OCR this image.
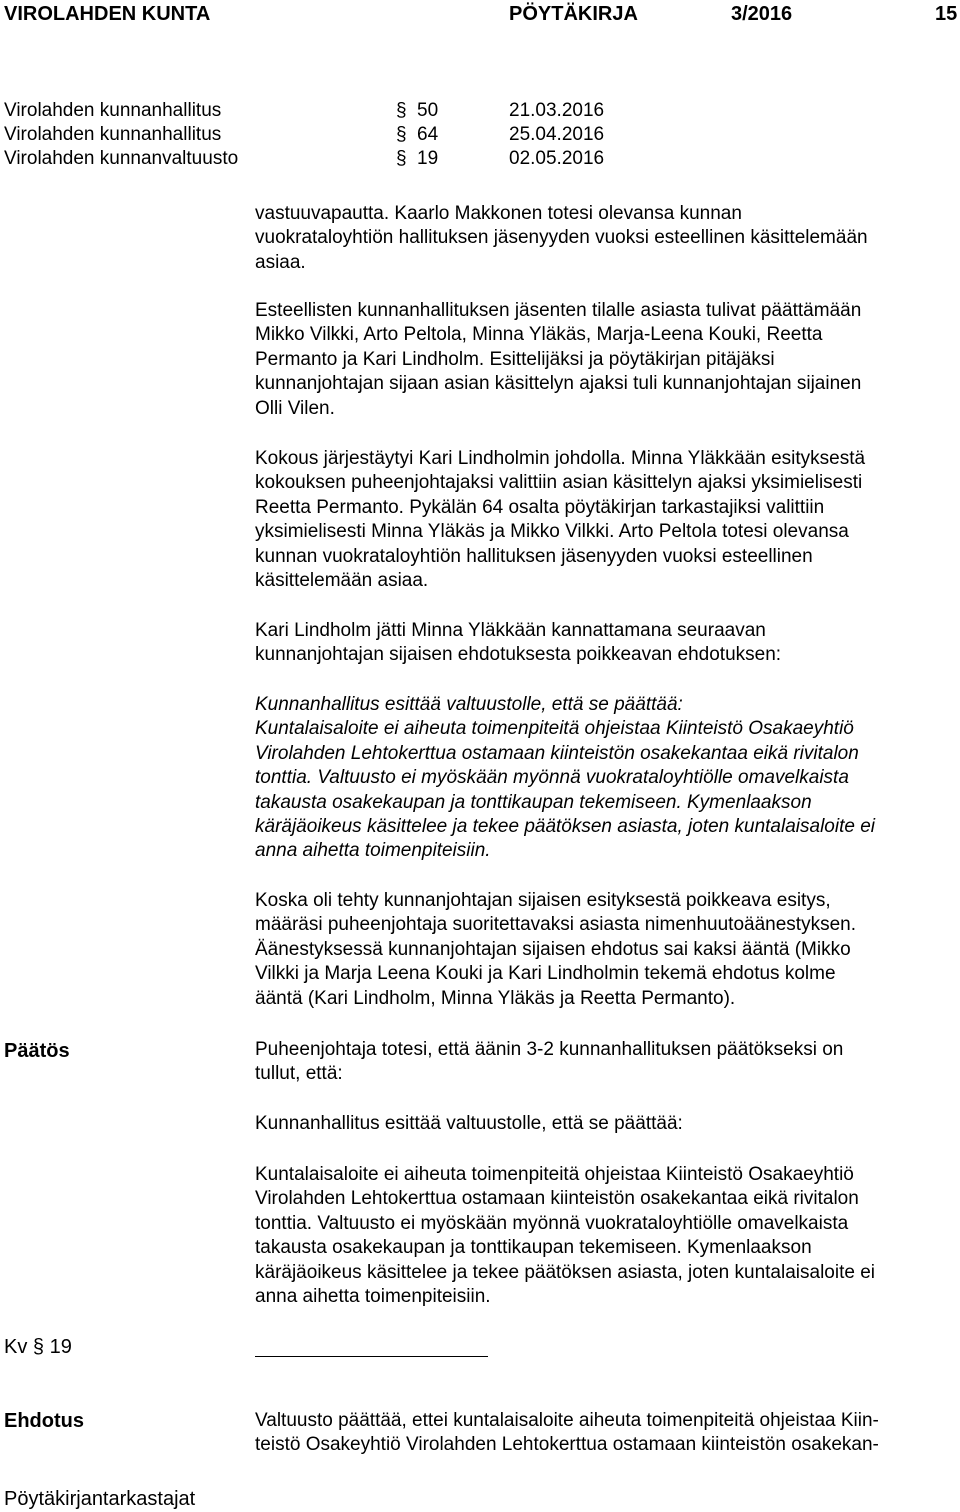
VIROLAHDEN KUNTA	PÖYTÄKIRJA	3/2016	15
Virolahden kunnanhallitus	§ 50	21.03.2016
Virolahden kunnanhallitus	§ 64	25.04.2016
Virolahden kunnanvaltuusto	§ 19	02.05.2016
vastuuvapautta. Kaarlo Makkonen totesi olevansa kunnan
vuokrataloyhtiön hallituksen jäsenyyden vuoksi esteellinen käsittelemään
asiaa.
Esteellisten kunnanhallituksen jäsenten tilalle asiasta tulivat päättämään
Mikko Vilkki, Arto Peltola, Minna Yläkäs, Marja-Leena Kouki, Reetta
Permanto ja Kari Lindholm. Esittelijäksi ja pöytäkirjan pitäjäksi
kunnanjohtajan sijaan asian käsittelyn ajaksi tuli kunnanjohtajan sijainen
Olli Vilen.
Kokous järjestäytyi Kari Lindholmin johdolla. Minna Yläkkään esityksestä
kokouksen puheenjohtajaksi valittiin asian käsittelyn ajaksi yksimielisesti
Reetta Permanto. Pykälän 64 osalta pöytäkirjan tarkastajiksi valittiin
yksimielisesti Minna Yläkäs ja Mikko Vilkki. Arto Peltola totesi olevansa
kunnan vuokrataloyhtiön hallituksen jäsenyyden vuoksi esteellinen
käsittelemään asiaa.
Kari Lindholm jätti Minna Yläkkään kannattamana seuraavan
kunnanjohtajan sijaisen ehdotuksesta poikkeavan ehdotuksen:
Kunnanhallitus esittää valtuustolle, että se päättää:
Kuntalaisaloite ei aiheuta toimenpiteitä ohjeistaa Kiinteistö Osakaeyhtiö
Virolahden Lehtokerttua ostamaan kiinteistön osakekantaa eikä rivitalon
tonttia. Valtuusto ei myöskään myönnä vuokrataloyhtiölle omavelkaista
takausta osakekaupan ja tonttikaupan tekemiseen. Kymenlaakson
käräjäoikeus käsittelee ja tekee päätöksen asiasta, joten kuntalaisaloite ei
anna aihetta toimenpiteisiin.
Koska oli tehty kunnanjohtajan sijaisen esityksestä poikkeava esitys,
määräsi puheenjohtaja suoritettavaksi asiasta nimenhuutoäänestyksen.
Äänestyksessä kunnanjohtajan sijaisen ehdotus sai kaksi ääntä (Mikko
Vilkki ja Marja Leena Kouki ja Kari Lindholmin tekemä ehdotus kolme
ääntä (Kari Lindholm, Minna Yläkäs ja Reetta Permanto).
Päätös	Puheenjohtaja totesi, että äänin 3-2 kunnanhallituksen päätökseksi on
tullut, että:
Kunnanhallitus esittää valtuustolle, että se päättää:
Kuntalaisaloite ei aiheuta toimenpiteitä ohjeistaa Kiinteistö Osakaeyhtiö
Virolahden Lehtokerttua ostamaan kiinteistön osakekantaa eikä rivitalon
tonttia. Valtuusto ei myöskään myönnä vuokrataloyhtiölle omavelkaista
takausta osakekaupan ja tonttikaupan tekemiseen. Kymenlaakson
käräjäoikeus käsittelee ja tekee päätöksen asiasta, joten kuntalaisaloite ei
anna aihetta toimenpiteisiin.
Kv § 19
Ehdotus	Valtuusto päättää, ettei kuntalaisaloite aiheuta toimenpiteitä ohjeistaa Kiin-
teistö Osakeyhtiö Virolahden Lehtokerttua ostamaan kiinteistön osakekan-
Pöytäkirjantarkastajat
